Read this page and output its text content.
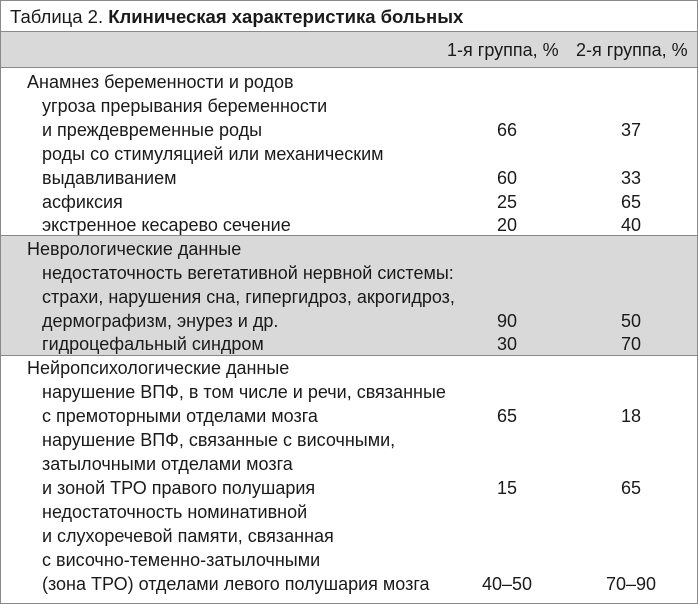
Таблица 2. Клиническая характеристика больных
1-я группа, % 2-я группа, %
Анамнез беременности и родов
угроза прерывания беременности
и преждевременные роды	66	37
роды со стимуляцией или механическим
выдавливанием	60	33
асфиксия	25	65
экстренное кесарево сечение	20	40
Неврологические данные
недостаточность вегетативной нервной системы:
страхи, нарушения сна, гипергидроз, акрогидроз,
дермографизм, энурез и др.	90	50
гидроцефальный синдром	30	70
Нейропсихологические данные
нарушение ВПФ, в том числе и речи, связанные
с премоторными отделами мозга	65	18
нарушение ВПФ, связанные с височными,
затылочными отделами мозга
и зоной ТРО правого полушария	15	65
недостаточность номинативной
и слухоречевой памяти, связанная
с височно-теменно-затылочными
(зона ТРО) отделами левого полушария мозга	40–50	70–90
